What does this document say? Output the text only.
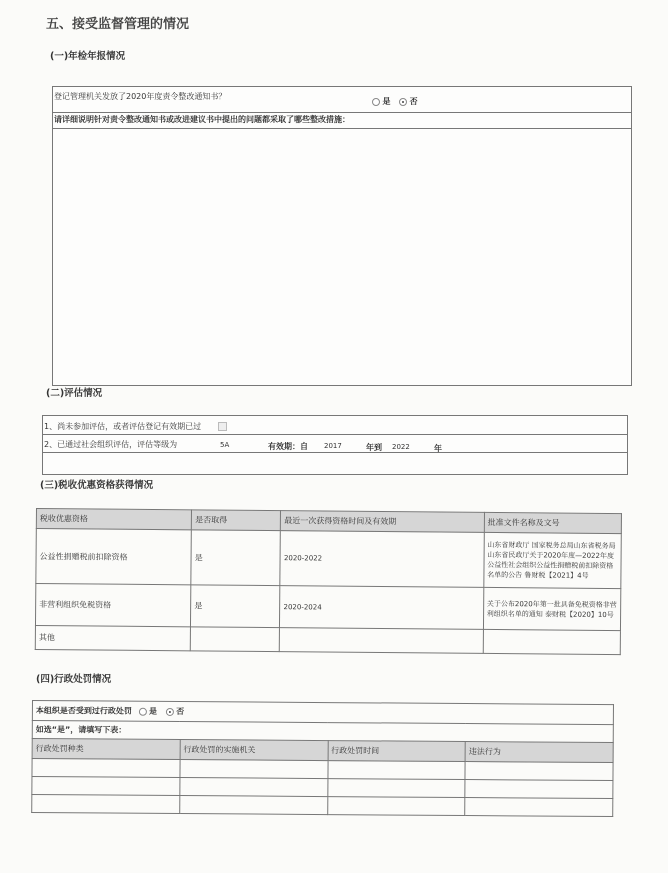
五、接受监督管理的情况
(一)年检年报情况
登记管理机关发放了2020年度责令整改通知书？
是 否
请详细说明针对责令整改通知书或改进建议书中提出的问题都采取了哪些整改措施：
(二)评估情况
1、尚未参加评估，或者评估登记有效期已过
2、已通过社会组织评估，评估等级为	5A	有效期：自 2017	年到 2022	年
(三)税收优惠资格获得情况
税收优惠资格	是否取得	最近一次获得资格时间及有效期	批准文件名称及文号
公益性捐赠税前扣除资格	是	2020-2022	山东省财政厅 国家税务总局山东省税务局 山东省民政厅关于2020年度—2022年度公益性社会组织公益性捐赠税前扣除资格名单的公告 鲁财税【2021】4号
非营利组织免税资格	是	2020-2024	关于公布2020年第一批具备免税资格非营利组织名单的通知 泰财税【2020】10号
其他			
(四)行政处罚情况
本组织是否受到过行政处罚 是 否			
如选“是”，请填写下表：			
行政处罚种类	行政处罚的实施机关	行政处罚时间	违法行为
